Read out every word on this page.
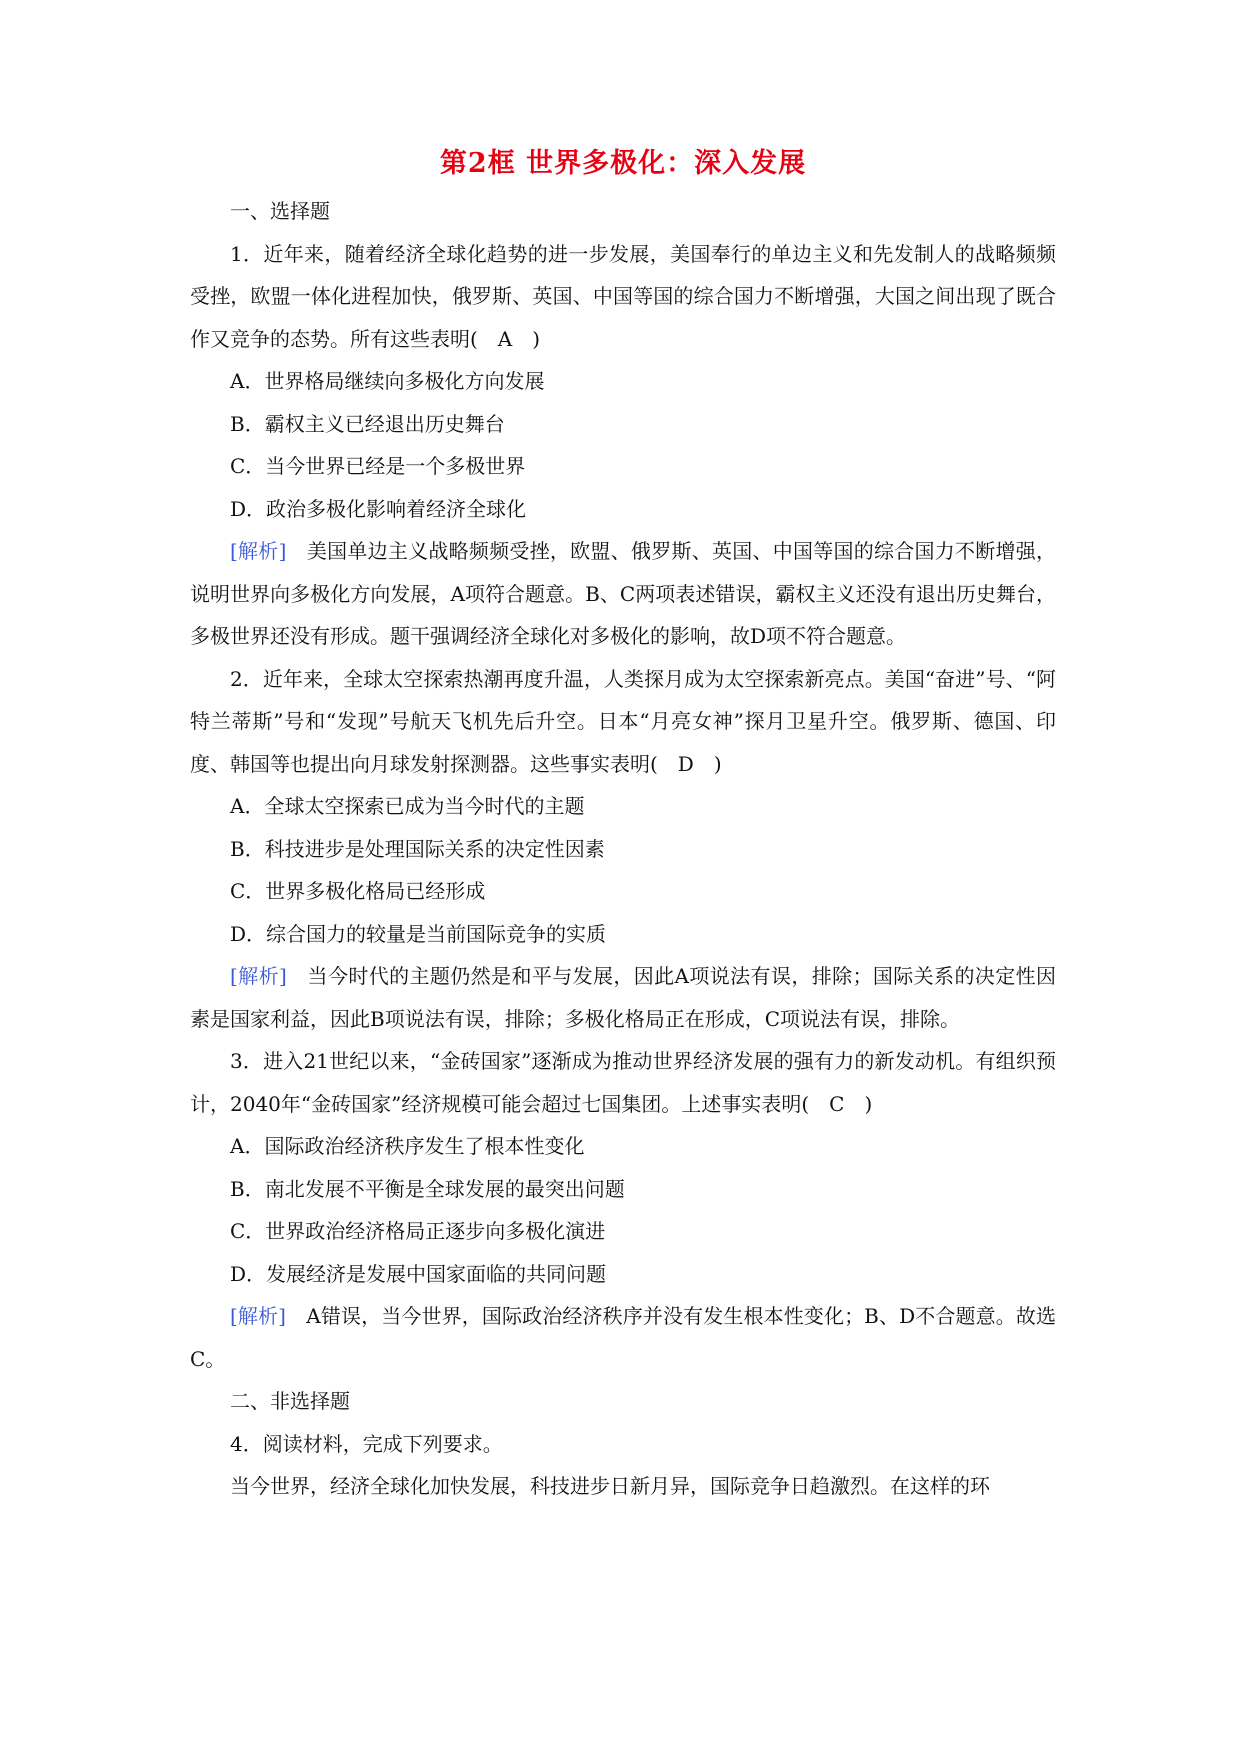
第2框 世界多极化：深入发展
一、选择题
1．近年来，随着经济全球化趋势的进一步发展，美国奉行的单边主义和先发制人的战略频频受挫，欧盟一体化进程加快，俄罗斯、英国、中国等国的综合国力不断增强，大国之间出现了既合作又竞争的态势。所有这些表明(　A　)
A．世界格局继续向多极化方向发展
B．霸权主义已经退出历史舞台
C．当今世界已经是一个多极世界
D．政治多极化影响着经济全球化
[解析]　美国单边主义战略频频受挫，欧盟、俄罗斯、英国、中国等国的综合国力不断增强，说明世界向多极化方向发展，A项符合题意。B、C两项表述错误，霸权主义还没有退出历史舞台，多极世界还没有形成。题干强调经济全球化对多极化的影响，故D项不符合题意。
2．近年来，全球太空探索热潮再度升温，人类探月成为太空探索新亮点。美国“奋进”号、“阿特兰蒂斯”号和“发现”号航天飞机先后升空。日本“月亮女神”探月卫星升空。俄罗斯、德国、印度、韩国等也提出向月球发射探测器。这些事实表明(　D　)
A．全球太空探索已成为当今时代的主题
B．科技进步是处理国际关系的决定性因素
C．世界多极化格局已经形成
D．综合国力的较量是当前国际竞争的实质
[解析]　当今时代的主题仍然是和平与发展，因此A项说法有误，排除；国际关系的决定性因素是国家利益，因此B项说法有误，排除；多极化格局正在形成，C项说法有误，排除。
3．进入21世纪以来，“金砖国家”逐渐成为推动世界经济发展的强有力的新发动机。有组织预计，2040年“金砖国家”经济规模可能会超过七国集团。上述事实表明(　C　)
A．国际政治经济秩序发生了根本性变化
B．南北发展不平衡是全球发展的最突出问题
C．世界政治经济格局正逐步向多极化演进
D．发展经济是发展中国家面临的共同问题
[解析]　A错误，当今世界，国际政治经济秩序并没有发生根本性变化；B、D不合题意。故选C。
二、非选择题
4．阅读材料，完成下列要求。
当今世界，经济全球化加快发展，科技进步日新月异，国际竞争日趋激烈。在这样的环
